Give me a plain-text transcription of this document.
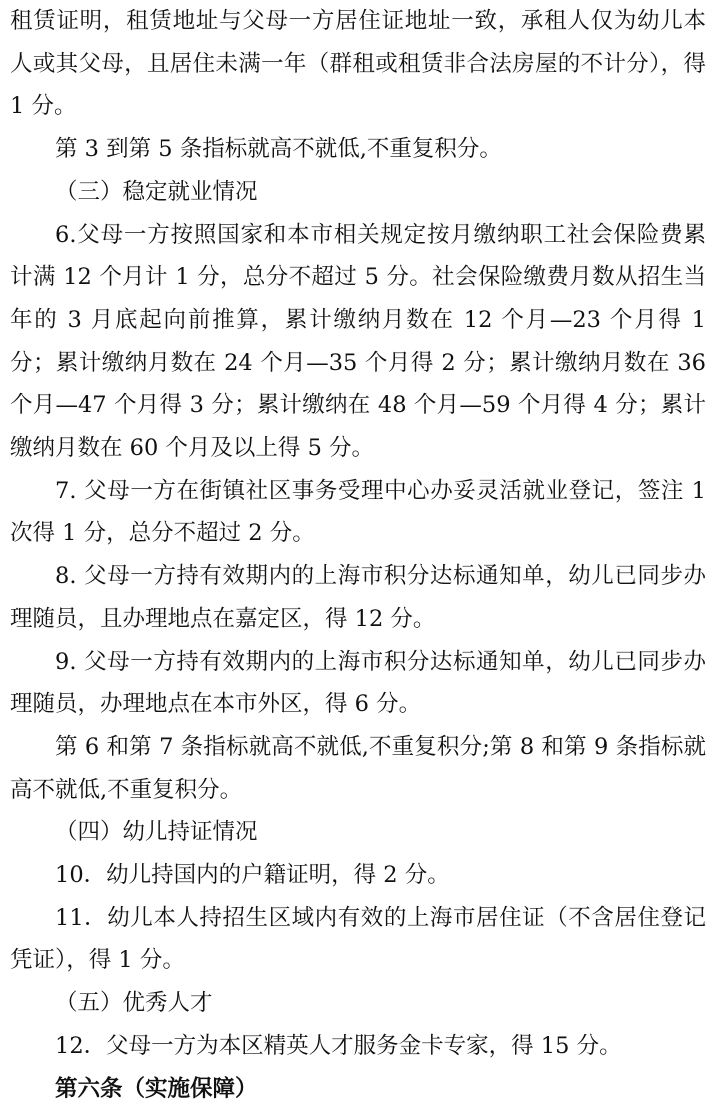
租赁证明，租赁地址与父母一方居住证地址一致，承租人仅为幼儿本人或其父母，且居住未满一年（群租或租赁非合法房屋的不计分），得 1 分。

第 3 到第 5 条指标就高不就低,不重复积分。

（三）稳定就业情况

6.父母一方按照国家和本市相关规定按月缴纳职工社会保险费累计满 12 个月计 1 分，总分不超过 5 分。社会保险缴费月数从招生当年的 3 月底起向前推算，累计缴纳月数在 12 个月—23 个月得 1 分；累计缴纳月数在 24 个月—35 个月得 2 分；累计缴纳月数在 36 个月—47 个月得 3 分；累计缴纳在 48 个月—59 个月得 4 分；累计缴纳月数在 60 个月及以上得 5 分。

7. 父母一方在街镇社区事务受理中心办妥灵活就业登记，签注 1 次得 1 分，总分不超过 2 分。

8. 父母一方持有效期内的上海市积分达标通知单，幼儿已同步办理随员，且办理地点在嘉定区，得 12 分。

9. 父母一方持有效期内的上海市积分达标通知单，幼儿已同步办理随员，办理地点在本市外区，得 6 分。

第 6 和第 7 条指标就高不就低,不重复积分;第 8 和第 9 条指标就高不就低,不重复积分。

（四）幼儿持证情况

10．幼儿持国内的户籍证明，得 2 分。

11．幼儿本人持招生区域内有效的上海市居住证（不含居住登记凭证），得 1 分。

（五）优秀人才

12．父母一方为本区精英人才服务金卡专家，得 15 分。

第六条（实施保障）
